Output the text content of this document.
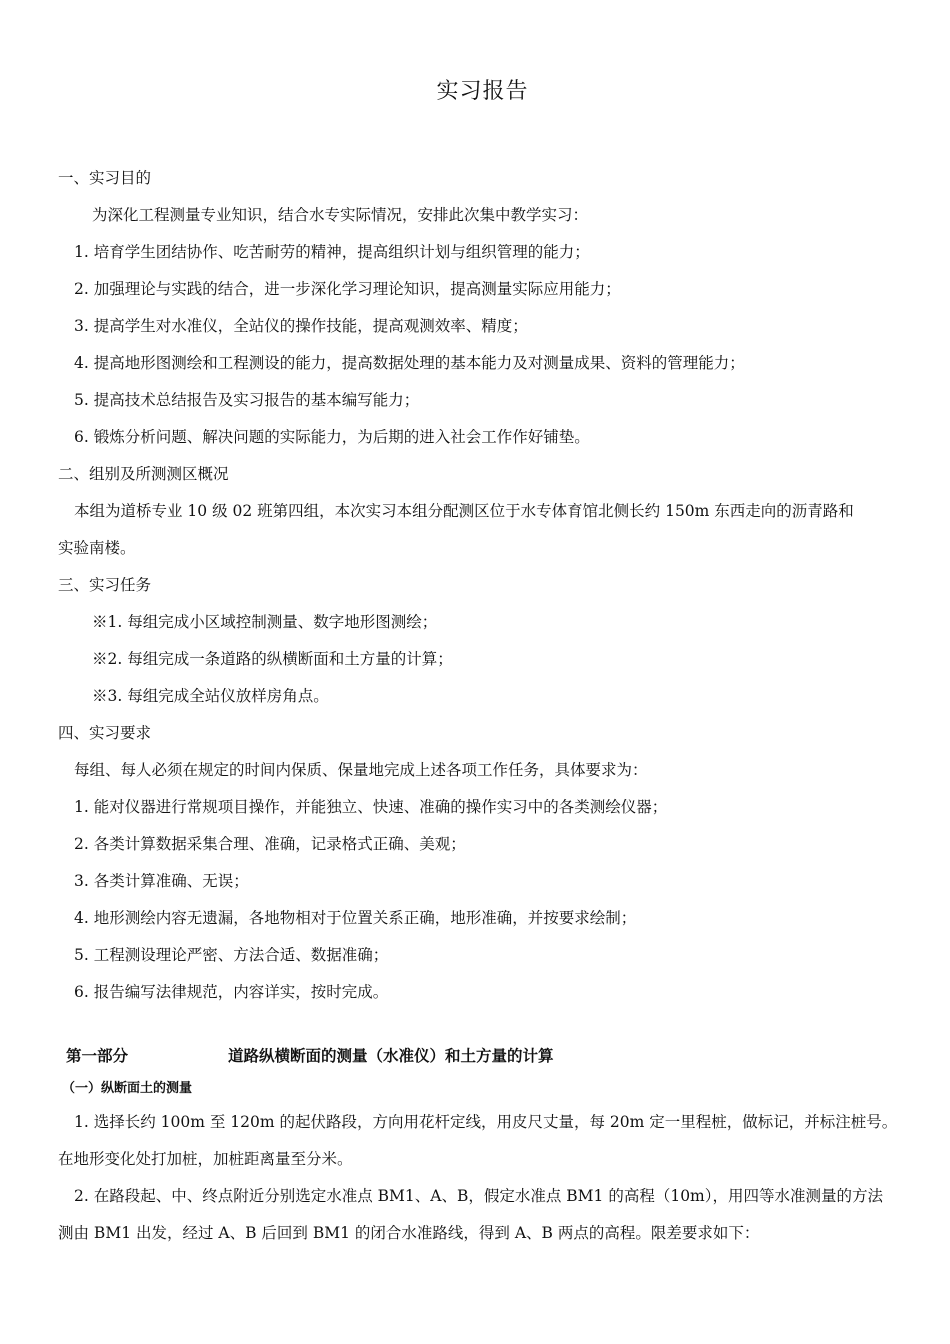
实习报告
一、实习目的
为深化工程测量专业知识，结合水专实际情况，安排此次集中教学实习：
1. 培育学生团结协作、吃苦耐劳的精神，提高组织计划与组织管理的能力；
2. 加强理论与实践的结合，进一步深化学习理论知识，提高测量实际应用能力；
3. 提高学生对水准仪，全站仪的操作技能，提高观测效率、精度；
4. 提高地形图测绘和工程测设的能力，提高数据处理的基本能力及对测量成果、资料的管理能力；
5. 提高技术总结报告及实习报告的基本编写能力；
6. 锻炼分析问题、解决问题的实际能力，为后期的进入社会工作作好铺垫。
二、组别及所测测区概况
本组为道桥专业 10 级 02 班第四组，本次实习本组分配测区位于水专体育馆北侧长约 150m 东西走向的沥青路和
实验南楼。
三、实习任务
※1. 每组完成小区域控制测量、数字地形图测绘；
※2. 每组完成一条道路的纵横断面和土方量的计算；
※3. 每组完成全站仪放样房角点。
四、实习要求
每组、每人必须在规定的时间内保质、保量地完成上述各项工作任务，具体要求为：
1. 能对仪器进行常规项目操作，并能独立、快速、准确的操作实习中的各类测绘仪器；
2. 各类计算数据采集合理、准确，记录格式正确、美观；
3. 各类计算准确、无误；
4. 地形测绘内容无遗漏，各地物相对于位置关系正确，地形准确，并按要求绘制；
5. 工程测设理论严密、方法合适、数据准确；
6. 报告编写法律规范，内容详实，按时完成。
第一部分	道路纵横断面的测量（水准仪）和土方量的计算
（一）纵断面土的测量
1. 选择长约 100m 至 120m 的起伏路段，方向用花杆定线，用皮尺丈量，每 20m 定一里程桩，做标记，并标注桩号。
在地形变化处打加桩，加桩距离量至分米。
2. 在路段起、中、终点附近分别选定水准点 BM1、A、B，假定水准点 BM1 的高程（10m），用四等水准测量的方法
测由 BM1 出发，经过 A、B 后回到 BM1 的闭合水准路线，得到 A、B 两点的高程。限差要求如下：
